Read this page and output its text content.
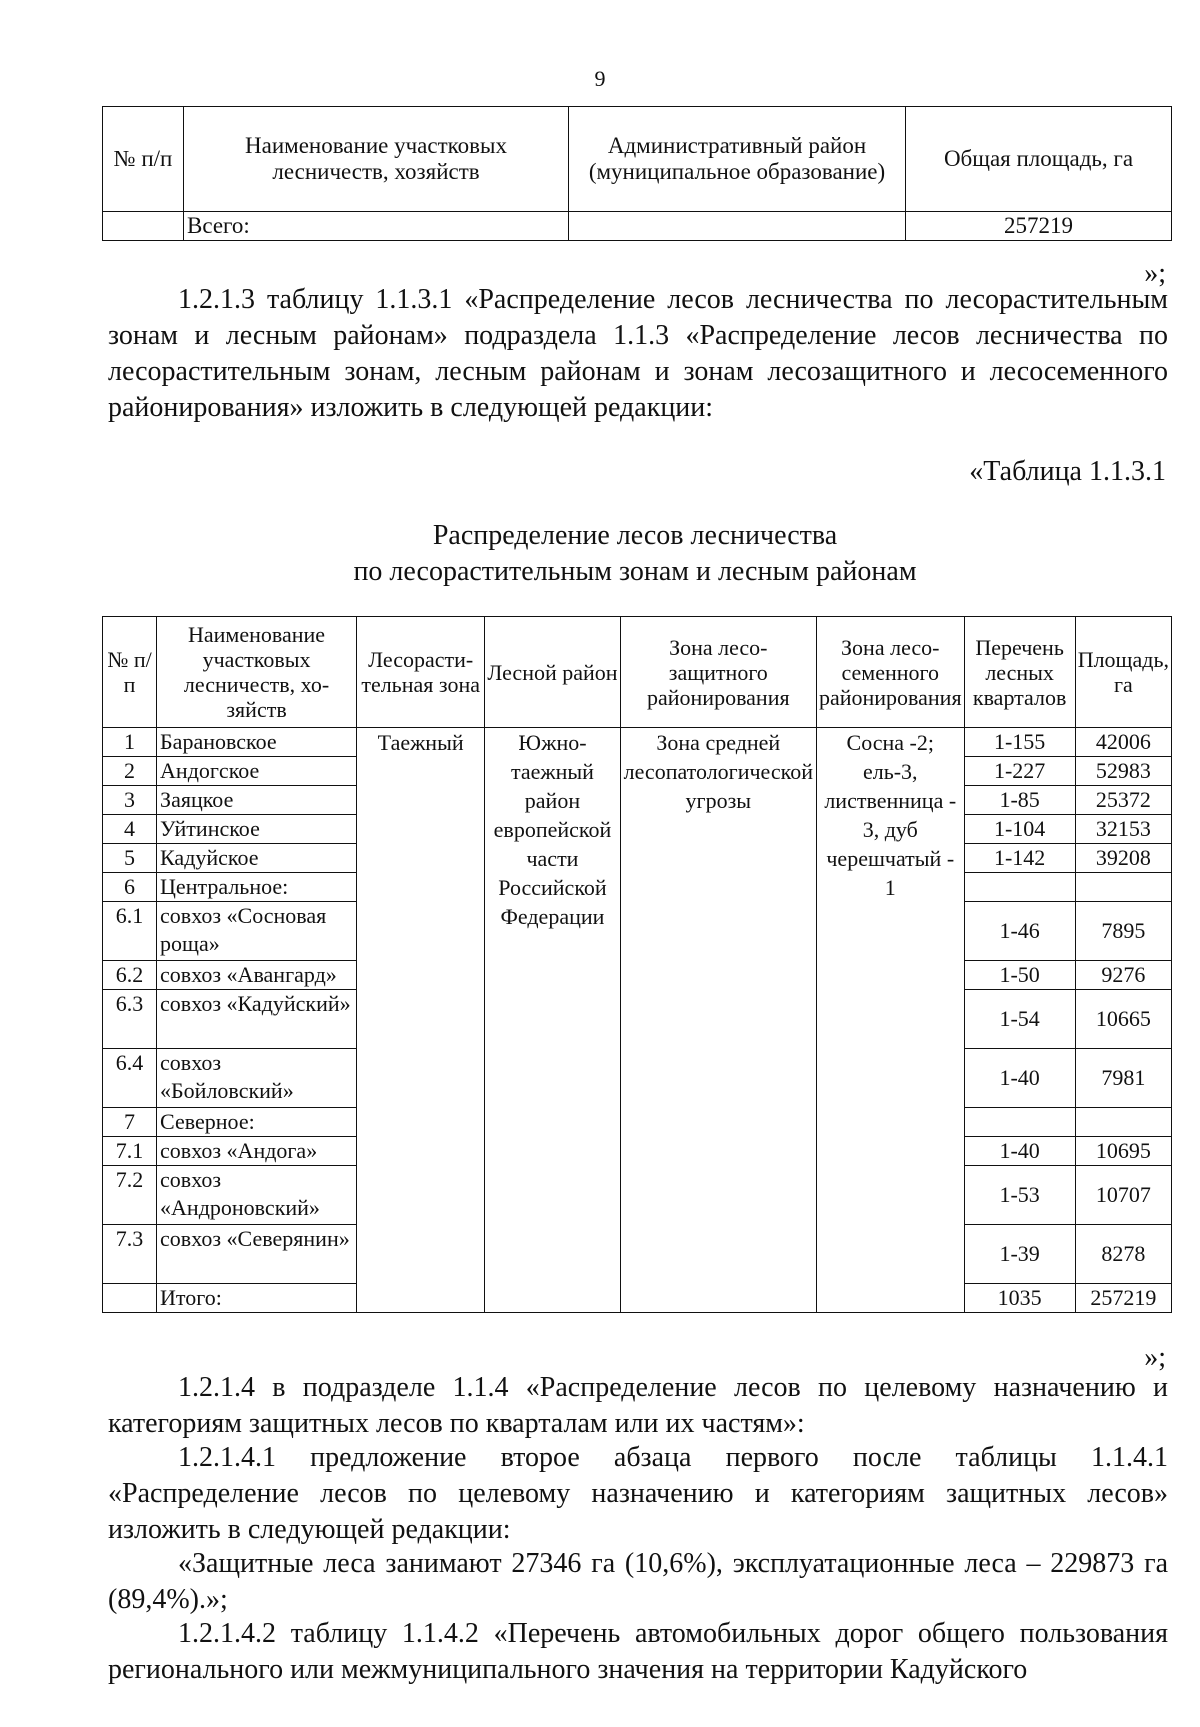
9
№ п/п	Наименование участковых лесничеств, хозяйств	Административный район (муниципальное образование)	Общая площадь, га
	Всего:		257219
»;

1.2.1.3 таблицу 1.1.3.1 «Распределение лесов лесничества по лесорастительным зонам и лесным районам» подраздела 1.1.3 «Распределение лесов лесничества по лесорастительным зонам, лесным районам и зонам лесозащитного и лесосеменного районирования» изложить в следующей редакции:

«Таблица 1.1.3.1
Распределение лесов лесничества
по лесорастительным зонам и лесным районам
№ п/п	Наименование участковых лесничеств, хо-зяйств	Лесорасти-тельная зона	Лесной район	Зона лесо-защитного районирования	Зона лесо-семенного районирования	Перечень лесных кварталов	Площадь, га
1	Барановское	Таежный	Южно-таежный район европейской части Российской Федерации	Зона средней лесопатологической угрозы	Сосна -2; ель-3, лиственница - 3, дуб черешчатый - 1	1-155	42006
2	Андогское					1-227	52983
3	Заяцкое					1-85	25372
4	Уйтинское					1-104	32153
5	Кадуйское					1-142	39208
6	Центральное:						
6.1	совхоз «Сосновая роща»					1-46	7895
6.2	совхоз «Авангард»					1-50	9276
6.3	совхоз «Кадуйский»					1-54	10665
6.4	совхоз «Бойловский»					1-40	7981
7	Северное:						
7.1	совхоз «Андога»					1-40	10695
7.2	совхоз «Андроновский»					1-53	10707
7.3	совхоз «Северянин»					1-39	8278
	Итого:					1035	257219
»;

1.2.1.4 в подразделе 1.1.4 «Распределение лесов по целевому назначению и категориям защитных лесов по кварталам или их частям»:

1.2.1.4.1 предложение второе абзаца первого после таблицы 1.1.4.1 «Распределение лесов по целевому назначению и категориям защитных лесов» изложить в следующей редакции:

«Защитные леса занимают 27346 га (10,6%), эксплуатационные леса – 229873 га (89,4%).»;

1.2.1.4.2 таблицу 1.1.4.2 «Перечень автомобильных дорог общего пользования регионального или межмуниципального значения на территории Кадуйского
